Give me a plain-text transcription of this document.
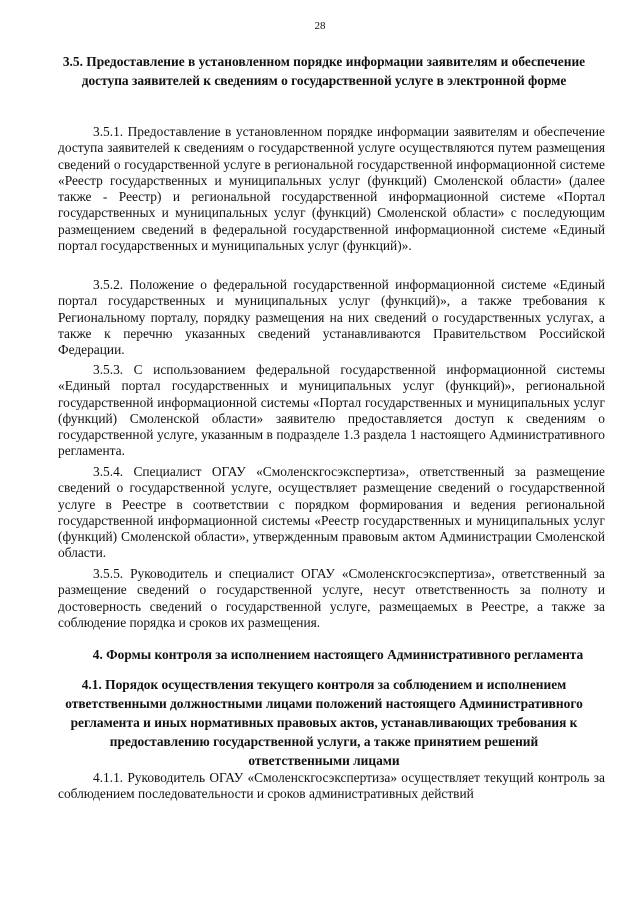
28
3.5. Предоставление в установленном порядке информации заявителям и обеспечение доступа заявителей к сведениям о государственной услуге в электронной форме
3.5.1. Предоставление в установленном порядке информации заявителям и обеспечение доступа заявителей к сведениям о государственной услуге осуществляются путем размещения сведений о государственной услуге в региональной государственной информационной системе «Реестр государственных и муниципальных услуг (функций) Смоленской области» (далее также - Реестр) и региональной государственной информационной системе «Портал государственных и муниципальных услуг (функций) Смоленской области» с последующим размещением сведений в федеральной государственной информационной системе «Единый портал государственных и муниципальных услуг (функций)».
3.5.2. Положение о федеральной государственной информационной системе «Единый портал государственных и муниципальных услуг (функций)», а также требования к Региональному порталу, порядку размещения на них сведений о государственных услугах, а также к перечню указанных сведений устанавливаются Правительством Российской Федерации.
3.5.3. С использованием федеральной государственной информационной системы «Единый портал государственных и муниципальных услуг (функций)», региональной государственной информационной системы «Портал государственных и муниципальных услуг (функций) Смоленской области» заявителю предоставляется доступ к сведениям о государственной услуге, указанным в подразделе 1.3 раздела 1 настоящего Административного регламента.
3.5.4. Специалист ОГАУ «Смоленскгосэкспертиза», ответственный за размещение сведений о государственной услуге, осуществляет размещение сведений о государственной услуге в Реестре в соответствии с порядком формирования и ведения региональной государственной информационной системы «Реестр государственных и муниципальных услуг (функций) Смоленской области», утвержденным правовым актом Администрации Смоленской области.
3.5.5. Руководитель и специалист ОГАУ «Смоленскгосэкспертиза», ответственный за размещение сведений о государственной услуге, несут ответственность за полноту и достоверность сведений о государственной услуге, размещаемых в Реестре, а также за соблюдение порядка и сроков их размещения.
4. Формы контроля за исполнением настоящего Административного регламента
4.1. Порядок осуществления текущего контроля за соблюдением и исполнением ответственными должностными лицами положений настоящего Административного регламента и иных нормативных правовых актов, устанавливающих требования к предоставлению государственной услуги, а также принятием решений ответственными лицами
4.1.1. Руководитель ОГАУ «Смоленскгосэкспертиза» осуществляет текущий контроль за соблюдением последовательности и сроков административных действий
